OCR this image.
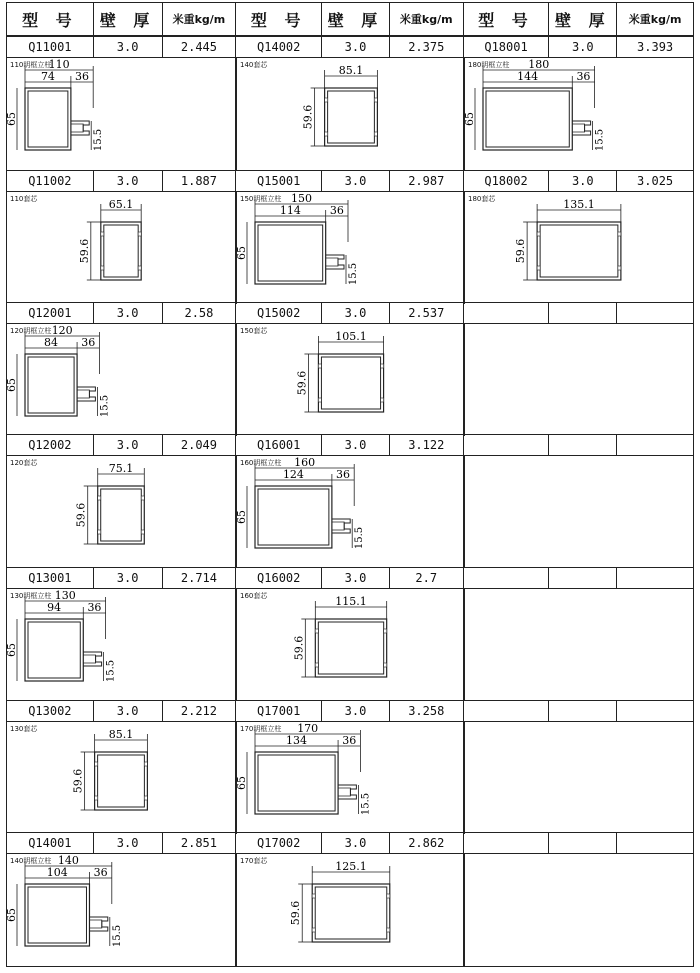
型 号	壁 厚	米重kg/m	型 号	壁 厚	米重kg/m	型 号	壁 厚	米重kg/m
Q11001	3.0	2.445	Q14002	3.0	2.375	Q18001	3.0	3.393
Q11002	3.0	1.887	Q15001	3.0	2.987	Q18002	3.0	3.025
Q12001	3.0	2.58	Q15002	3.0	2.537
Q12002	3.0	2.049	Q16001	3.0	3.122
Q13001	3.0	2.714	Q16002	3.0	2.7
Q13002	3.0	2.212	Q17001	3.0	3.258
Q14001	3.0	2.851	Q17002	3.0	2.862
110明框立柱
110
74 36
65
15.5
140套芯	85.1
59.6
180明框立柱 180
144	36
65
15.5
110套芯	65.1
59.6
150明框立柱 150
114	36
65
15.5
180套芯	135.1
59.6
120明框立柱 120
84 36
65
15.5
150套芯	105.1
59.6
120套芯	75.1
59.6
160明框立柱 160
124	36
65
15.5
130明框立柱 130
94 36
65
15.5
160套芯	115.1
59.6
130套芯	85.1
59.6
170明框立柱 170
134	36
65
15.5
140明框立柱 140
104 36
65
15.5
170套芯	125.1
59.6
